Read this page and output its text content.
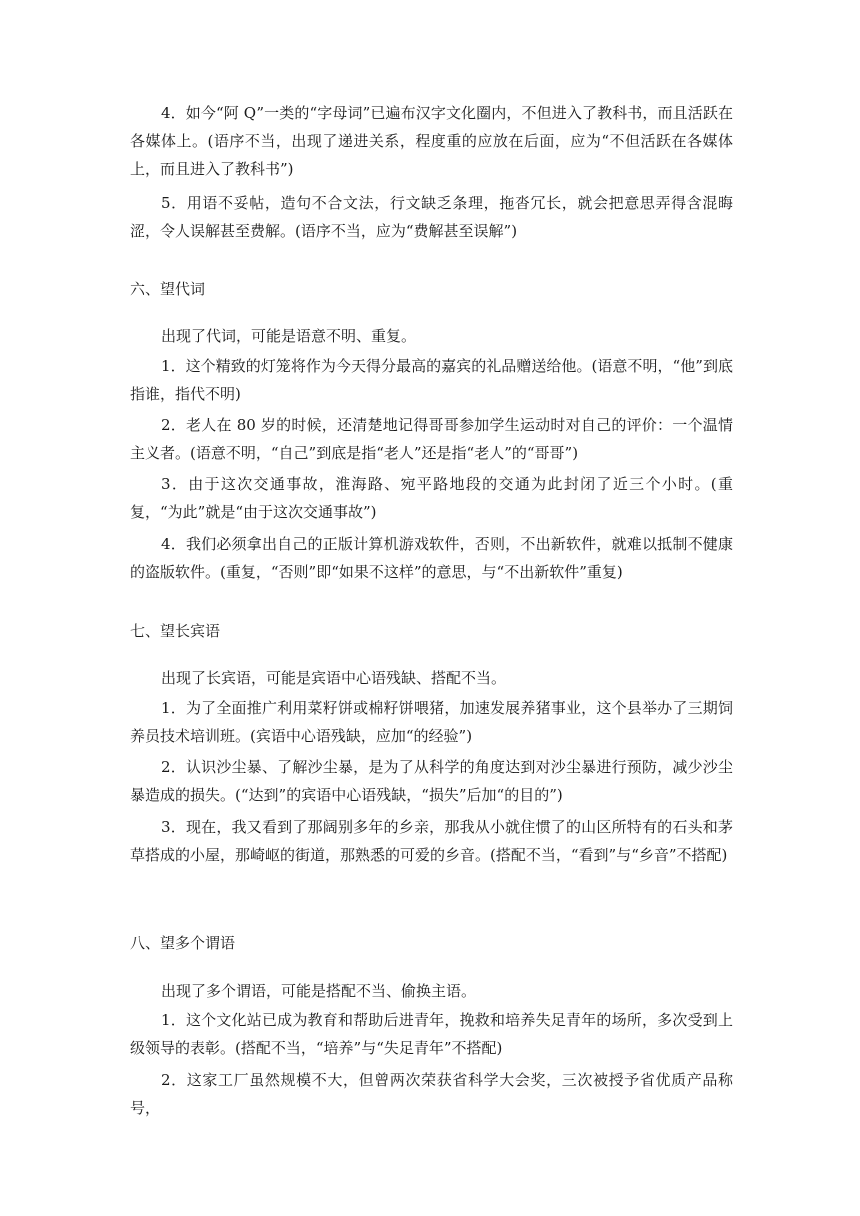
4．如今“阿 Q”一类的“字母词”已遍布汉字文化圈内，不但进入了教科书，而且活跃在各媒体上。(语序不当，出现了递进关系，程度重的应放在后面，应为“不但活跃在各媒体上，而且进入了教科书”)

5．用语不妥帖，造句不合文法，行文缺乏条理，拖沓冗长，就会把意思弄得含混晦涩，令人误解甚至费解。(语序不当，应为“费解甚至误解”)

六、望代词

出现了代词，可能是语意不明、重复。

1．这个精致的灯笼将作为今天得分最高的嘉宾的礼品赠送给他。(语意不明，“他”到底指谁，指代不明)

2．老人在 80 岁的时候，还清楚地记得哥哥参加学生运动时对自己的评价：一个温情主义者。(语意不明，“自己”到底是指“老人”还是指“老人”的“哥哥”)

3．由于这次交通事故，淮海路、宛平路地段的交通为此封闭了近三个小时。(重复，“为此”就是“由于这次交通事故”)

4．我们必须拿出自己的正版计算机游戏软件，否则，不出新软件，就难以抵制不健康的盗版软件。(重复，“否则”即“如果不这样”的意思，与“不出新软件”重复)

七、望长宾语

出现了长宾语，可能是宾语中心语残缺、搭配不当。

1．为了全面推广利用菜籽饼或棉籽饼喂猪，加速发展养猪事业，这个县举办了三期饲养员技术培训班。(宾语中心语残缺，应加“的经验”)

2．认识沙尘暴、了解沙尘暴，是为了从科学的角度达到对沙尘暴进行预防，减少沙尘暴造成的损失。(“达到”的宾语中心语残缺，“损失”后加“的目的”)

3．现在，我又看到了那阔别多年的乡亲，那我从小就住惯了的山区所特有的石头和茅草搭成的小屋，那崎岖的街道，那熟悉的可爱的乡音。(搭配不当，“看到”与“乡音”不搭配)

八、望多个谓语

出现了多个谓语，可能是搭配不当、偷换主语。

1．这个文化站已成为教育和帮助后进青年，挽救和培养失足青年的场所，多次受到上级领导的表彰。(搭配不当，“培养”与“失足青年”不搭配)

2．这家工厂虽然规模不大，但曾两次荣获省科学大会奖，三次被授予省优质产品称号，
